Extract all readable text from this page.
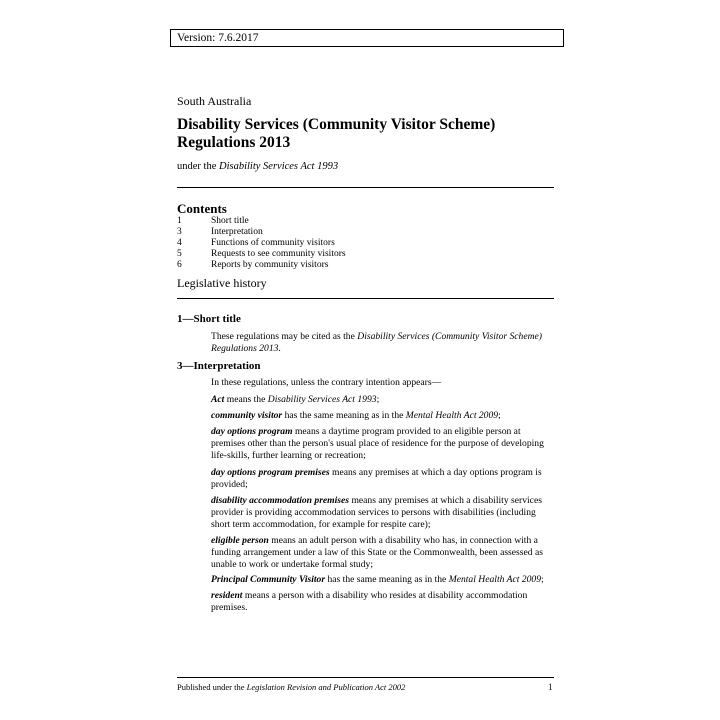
Version: 7.6.2017
South Australia
Disability Services (Community Visitor Scheme)
Regulations 2013
under the Disability Services Act 1993
Contents
1	Short title
3	Interpretation
4	Functions of community visitors
5	Requests to see community visitors
6	Reports by community visitors
Legislative history
1—Short title
These regulations may be cited as the Disability Services (Community Visitor Scheme) Regulations 2013.
3—Interpretation
In these regulations, unless the contrary intention appears—
Act means the Disability Services Act 1993;
community visitor has the same meaning as in the Mental Health Act 2009;
day options program means a daytime program provided to an eligible person at premises other than the person's usual place of residence for the purpose of developing life-skills, further learning or recreation;
day options program premises means any premises at which a day options program is provided;
disability accommodation premises means any premises at which a disability services provider is providing accommodation services to persons with disabilities (including short term accommodation, for example for respite care);
eligible person means an adult person with a disability who has, in connection with a funding arrangement under a law of this State or the Commonwealth, been assessed as unable to work or undertake formal study;
Principal Community Visitor has the same meaning as in the Mental Health Act 2009;
resident means a person with a disability who resides at disability accommodation premises.
Published under the Legislation Revision and Publication Act 2002	1
